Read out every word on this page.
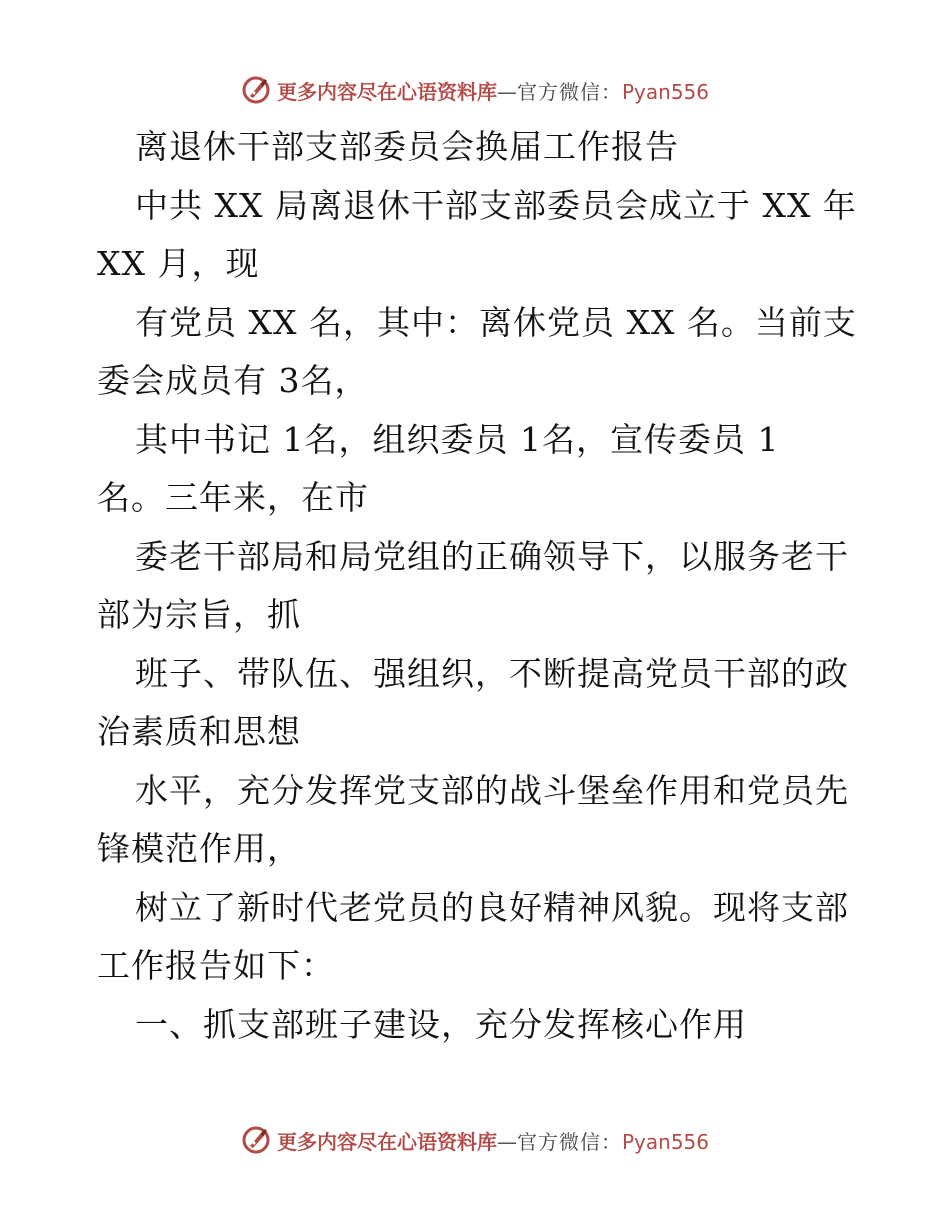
更多内容尽在心语资料库—官方微信：Pyan556
离退休干部支部委员会换届工作报告
中共 XX 局离退休干部支部委员会成立于 XX 年
XX 月，现
有党员 XX 名，其中：离休党员 XX 名。当前支
委会成员有 3名，
其中书记 1名，组织委员 1名，宣传委员 1
名。三年来，在市
委老干部局和局党组的正确领导下，以服务老干
部为宗旨，抓
班子、带队伍、强组织，不断提高党员干部的政
治素质和思想
水平，充分发挥党支部的战斗堡垒作用和党员先
锋模范作用，
树立了新时代老党员的良好精神风貌。现将支部
工作报告如下：
一、抓支部班子建设，充分发挥核心作用
更多内容尽在心语资料库—官方微信：Pyan556
